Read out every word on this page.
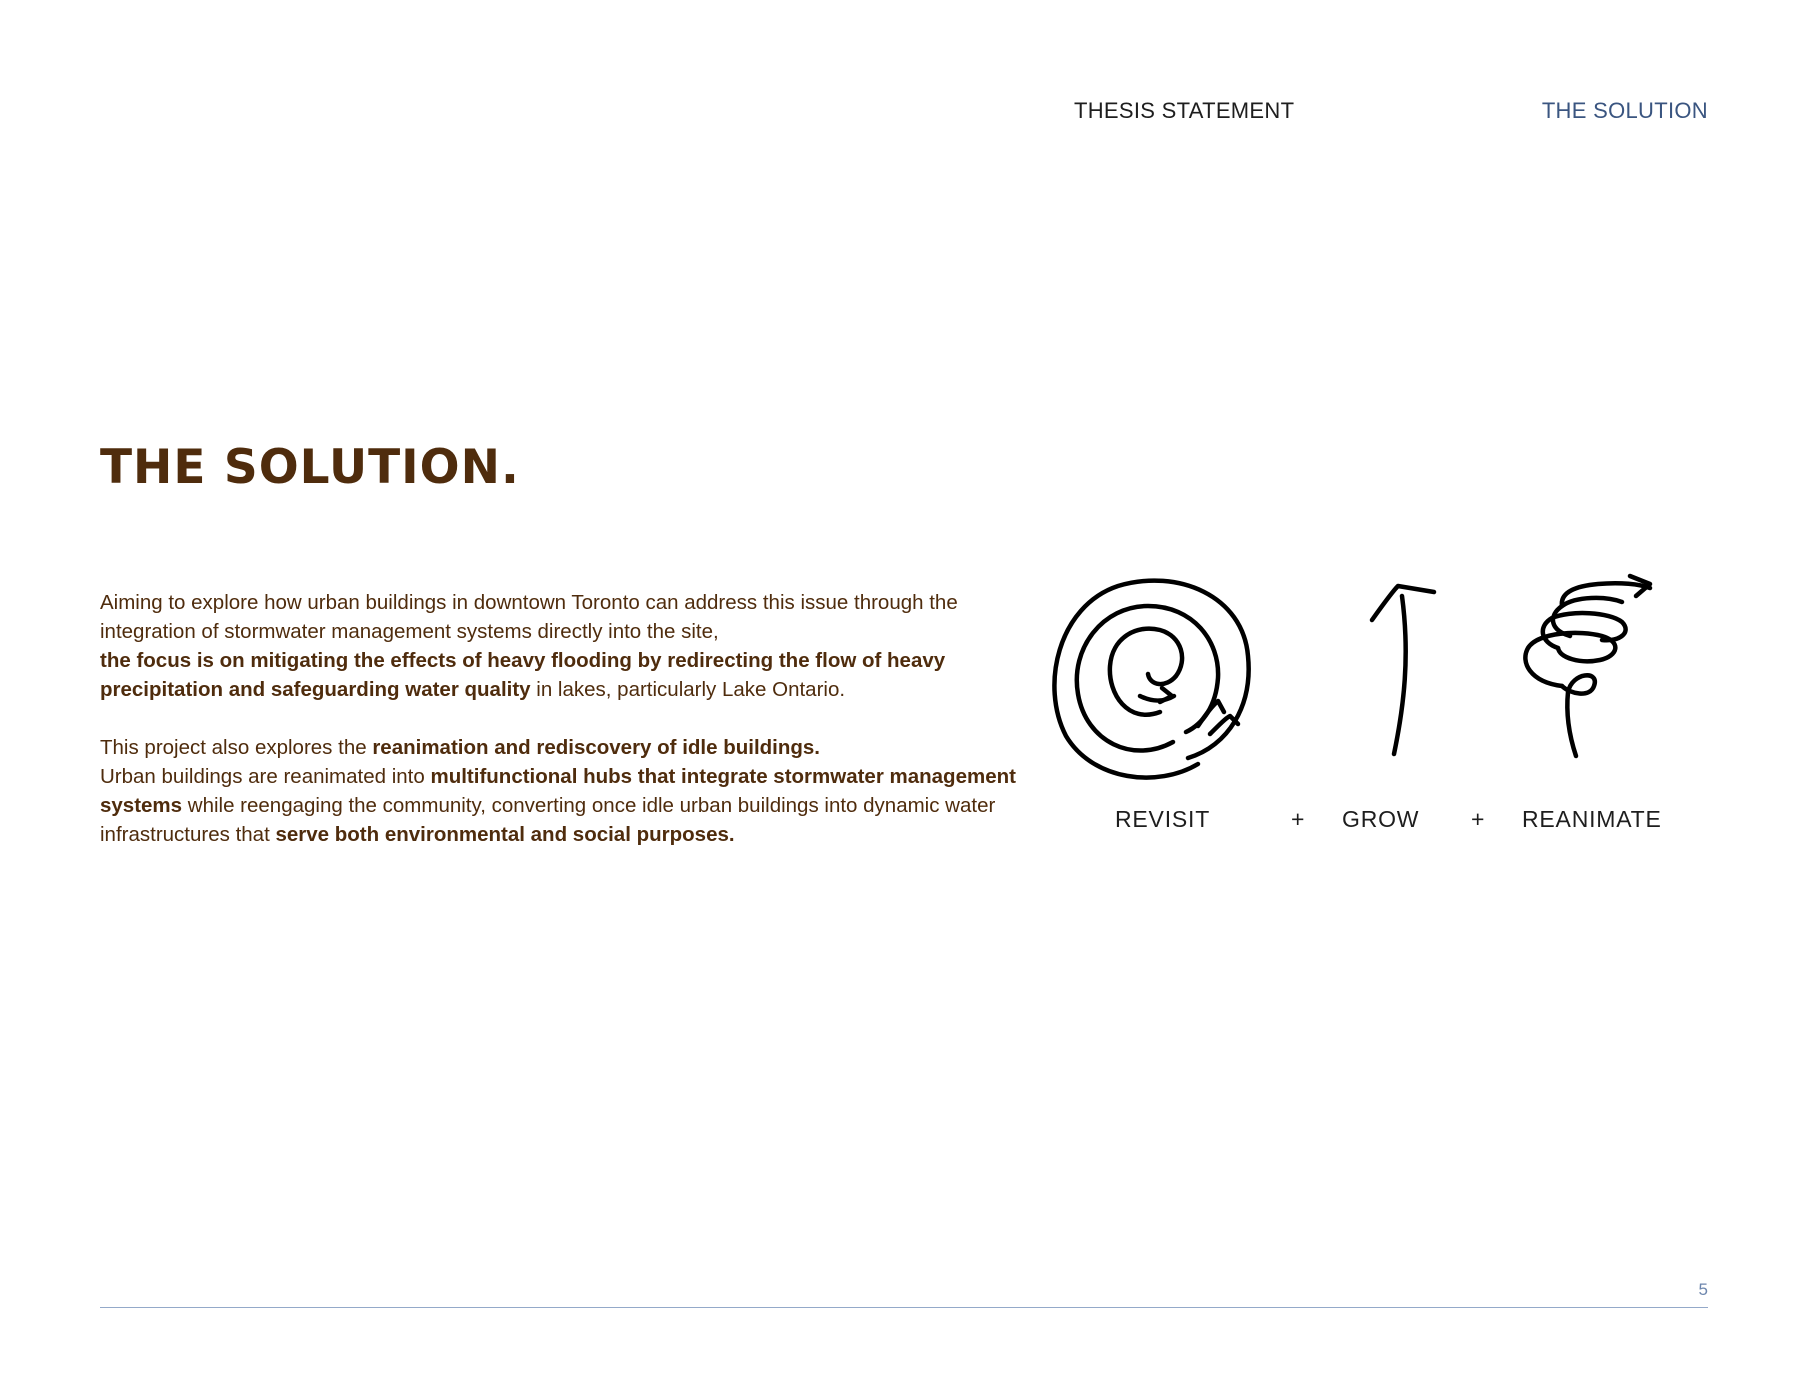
THESIS STATEMENT	THE SOLUTION
THE SOLUTION.

Aiming to explore how urban buildings in downtown Toronto can address this issue through the integration of stormwater management systems directly into the site,
the focus is on mitigating the effects of heavy flooding by redirecting the flow of heavy precipitation and safeguarding water quality in lakes, particularly Lake Ontario.

This project also explores the reanimation and rediscovery of idle buildings.
Urban buildings are reanimated into multifunctional hubs that integrate stormwater management systems while reengaging the community, converting once idle urban buildings into dynamic water infrastructures that serve both environmental and social purposes.

REVISIT	+ GROW + REANIMATE
5
